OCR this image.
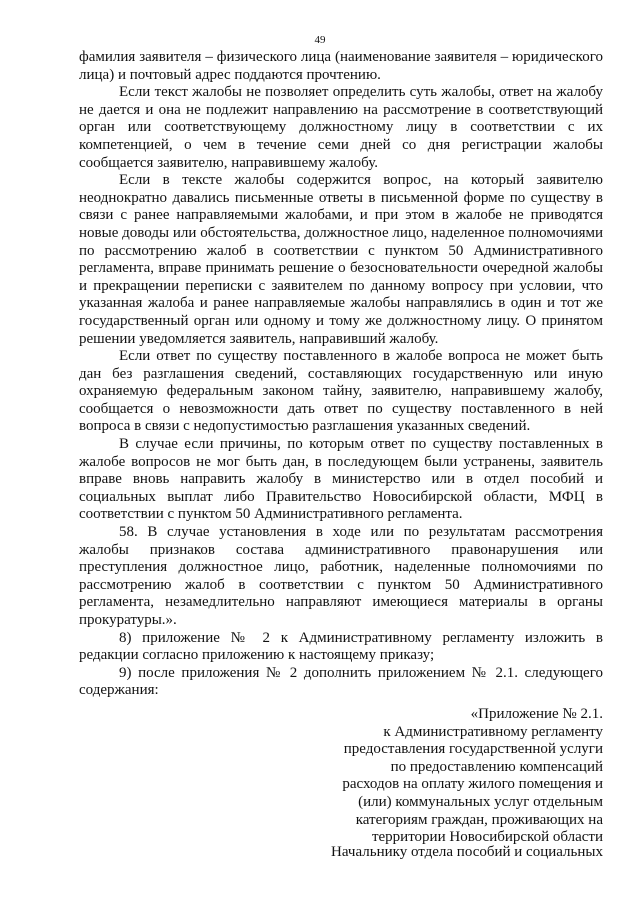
49

фамилия заявителя – физического лица (наименование заявителя – юридического лица) и почтовый адрес поддаются прочтению.

Если текст жалобы не позволяет определить суть жалобы, ответ на жалобу не дается и она не подлежит направлению на рассмотрение в соответствующий орган или соответствующему должностному лицу в соответствии с их компетенцией, о чем в течение семи дней со дня регистрации жалобы сообщается заявителю, направившему жалобу.

Если в тексте жалобы содержится вопрос, на который заявителю неоднократно давались письменные ответы в письменной форме по существу в связи с ранее направляемыми жалобами, и при этом в жалобе не приводятся новые доводы или обстоятельства, должностное лицо, наделенное полномочиями по рассмотрению жалоб в соответствии с пунктом 50 Административного регламента, вправе принимать решение о безосновательности очередной жалобы и прекращении переписки с заявителем по данному вопросу при условии, что указанная жалоба и ранее направляемые жалобы направлялись в один и тот же государственный орган или одному и тому же должностному лицу. О принятом решении уведомляется заявитель, направивший жалобу.

Если ответ по существу поставленного в жалобе вопроса не может быть дан без разглашения сведений, составляющих государственную или иную охраняемую федеральным законом тайну, заявителю, направившему жалобу, сообщается о невозможности дать ответ по существу поставленного в ней вопроса в связи с недопустимостью разглашения указанных сведений.

В случае если причины, по которым ответ по существу поставленных в жалобе вопросов не мог быть дан, в последующем были устранены, заявитель вправе вновь направить жалобу в министерство или в отдел пособий и социальных выплат либо Правительство Новосибирской области, МФЦ в соответствии с пунктом 50 Административного регламента.

58. В случае установления в ходе или по результатам рассмотрения жалобы признаков состава административного правонарушения или преступления должностное лицо, работник, наделенные полномочиями по рассмотрению жалоб в соответствии с пунктом 50 Административного регламента, незамедлительно направляют имеющиеся материалы в органы прокуратуры.».

8) приложение № 2 к Административному регламенту изложить в редакции согласно приложению к настоящему приказу;

9) после приложения № 2 дополнить приложением № 2.1. следующего содержания:

«Приложение № 2.1.
к Административному регламенту
предоставления государственной услуги
по предоставлению компенсаций
расходов на оплату жилого помещения и
(или) коммунальных услуг отдельным
категориям граждан, проживающих на
территории Новосибирской области
Начальнику отдела пособий и социальных
